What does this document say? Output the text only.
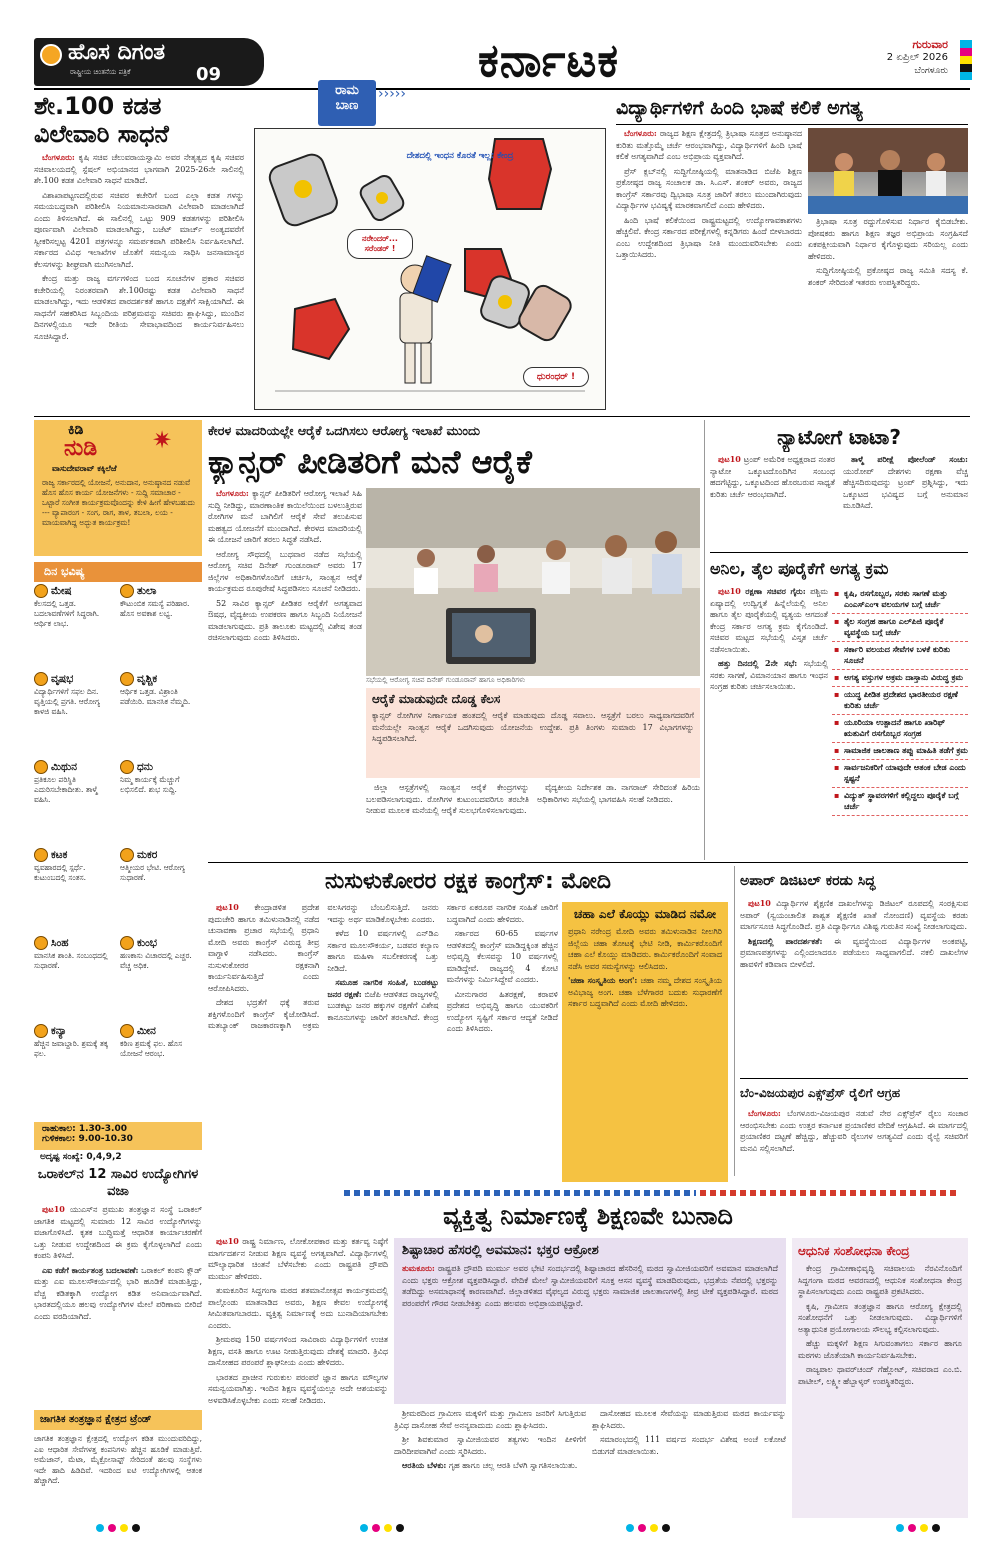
ಹೊಸ ದಿಗಂತ
ರಾಷ್ಟ್ರೀಯ ಚಿಂತನೆಯ ಪತ್ರಿಕೆ	09	ಕರ್ನಾಟಕ	ಗುರುವಾರ
2 ಏಪ್ರಿಲ್ 2026
ಬೆಂಗಳೂರು
ಶೇ.100 ಕಡತ ವಿಲೇವಾರಿ ಸಾಧನೆ

ಬೆಂಗಳೂರು: ಕೃಷಿ ಸಚಿವ ಚೆಲುವರಾಯಸ್ವಾಮಿ ಅವರ ನೇತೃತ್ವದ ಕೃಷಿ ಸಚಿವರ ಸಚಿವಾಲಯದಲ್ಲಿ ಸ್ಪೆಷಲ್ ಅಭಿಯಾನದ ಭಾಗವಾಗಿ 2025-26ನೇ ಸಾಲಿನಲ್ಲಿ ಶೇ.100 ಕಡತ ವಿಲೇವಾರಿ ಸಾಧನೆ ಮಾಡಿದೆ.

ವಿಶಾಖಾಪಟ್ಟಣದಲ್ಲಿರುವ ಸಚಿವರ ಕಚೇರಿಗೆ ಬಂದ ಎಲ್ಲಾ ಕಡತ ಗಳನ್ನು ಸಮಯಬದ್ಧವಾಗಿ ಪರಿಶೀಲಿಸಿ ನಿಯಮಾನುಸಾರವಾಗಿ ವಿಲೇವಾರಿ ಮಾಡಲಾಗಿದೆ ಎಂದು ತಿಳಿಸಲಾಗಿದೆ. ಈ ಸಾಲಿನಲ್ಲಿ ಒಟ್ಟು 909 ಕಡತಗಳನ್ನು ಪರಿಶೀಲಿಸಿ ಪೂರ್ಣವಾಗಿ ವಿಲೇವಾರಿ ಮಾಡಲಾಗಿದ್ದು, ಬಜೆಟ್ ಮಾರ್ಚ್ ಅಂತ್ಯದವರೆಗೆ ಸ್ವೀಕರಿಸಲ್ಪಟ್ಟ 4201 ಪತ್ರಗಳನ್ನೂ ಸಮರ್ಪಕವಾಗಿ ಪರಿಶೀಲಿಸಿ ನಿರ್ವಹಿಸಲಾಗಿದೆ. ಸರ್ಕಾರದ ವಿವಿಧ ಇಲಾಖೆಗಳ ಜೊತೆಗೆ ಸಮನ್ವಯ ಸಾಧಿಸಿ ಜನಸಾಮಾನ್ಯರ ಕೆಲಸಗಳನ್ನು ಶೀಘ್ರವಾಗಿ ಮುಗಿಸಲಾಗಿದೆ.

ಕೇಂದ್ರ ಮತ್ತು ರಾಜ್ಯ ವರ್ಗಗಳಿಂದ ಬಂದ ಸೂಚನೆಗಳ ಪ್ರಕಾರ ಸಚಿವರ ಕಚೇರಿಯಲ್ಲಿ ನಿರಂತರವಾಗಿ ಶೇ.100ರಷ್ಟು ಕಡತ ವಿಲೇವಾರಿ ಸಾಧನೆ ಮಾಡಲಾಗಿದ್ದು, ಇದು ಆಡಳಿತದ ಪಾರದರ್ಶಕತೆ ಹಾಗೂ ದಕ್ಷತೆಗೆ ಸಾಕ್ಷಿಯಾಗಿದೆ. ಈ ಸಾಧನೆಗೆ ಸಹಕರಿಸಿದ ಸಿಬ್ಬಂದಿಯ ಪರಿಶ್ರಮವನ್ನು ಸಚಿವರು ಶ್ಲಾಘಿಸಿದ್ದು, ಮುಂದಿನ ದಿನಗಳಲ್ಲಿಯೂ ಇದೇ ರೀತಿಯ ಸೇವಾಭಾವದಿಂದ ಕಾರ್ಯನಿರ್ವಹಿಸಲು ಸೂಚಿಸಿದ್ದಾರೆ.

ರಾಮ
ಬಾಣ
›››››
ದೇಶದಲ್ಲಿ ಇಂಧನ ಕೊರತೆ ಇಲ್ಲ: ಕೇಂದ್ರ
ನರೇಂದರ್... ಸರೆಂಡರ್ !
ಧುರಂಧರ್ !
ವಿದ್ಯಾರ್ಥಿಗಳಿಗೆ ಹಿಂದಿ ಭಾಷೆ ಕಲಿಕೆ ಅಗತ್ಯ

ಬೆಂಗಳೂರು: ರಾಜ್ಯದ ಶಿಕ್ಷಣ ಕ್ಷೇತ್ರದಲ್ಲಿ ತ್ರಿಭಾಷಾ ಸೂತ್ರದ ಅನುಷ್ಠಾನದ ಕುರಿತು ಮತ್ತೊಮ್ಮೆ ಚರ್ಚೆ ಆರಂಭವಾಗಿದ್ದು, ವಿದ್ಯಾರ್ಥಿಗಳಿಗೆ ಹಿಂದಿ ಭಾಷೆ ಕಲಿಕೆ ಅಗತ್ಯವಾಗಿದೆ ಎಂಬ ಅಭಿಪ್ರಾಯ ವ್ಯಕ್ತವಾಗಿದೆ.

ಪ್ರೆಸ್ ಕ್ಲಬ್‌ನಲ್ಲಿ ಸುದ್ದಿಗೋಷ್ಠಿಯಲ್ಲಿ ಮಾತನಾಡಿದ ಬಿಜೆಪಿ ಶಿಕ್ಷಣ ಪ್ರಕೋಷ್ಠದ ರಾಜ್ಯ ಸಂಚಾಲಕ ಡಾ. ಸಿ.ಎಸ್. ಶಂಕರ್ ಅವರು, ರಾಜ್ಯದ ಕಾಂಗ್ರೆಸ್ ಸರ್ಕಾರವು ದ್ವಿಭಾಷಾ ಸೂತ್ರ ಜಾರಿಗೆ ತರಲು ಮುಂದಾಗಿರುವುದು ವಿದ್ಯಾರ್ಥಿಗಳ ಭವಿಷ್ಯಕ್ಕೆ ಮಾರಕವಾಗಲಿದೆ ಎಂದು ಹೇಳಿದರು.

ಹಿಂದಿ ಭಾಷೆ ಕಲಿಕೆಯಿಂದ ರಾಷ್ಟ್ರಮಟ್ಟದಲ್ಲಿ ಉದ್ಯೋಗಾವಕಾಶಗಳು ಹೆಚ್ಚಲಿವೆ. ಕೇಂದ್ರ ಸರ್ಕಾರದ ಪರೀಕ್ಷೆಗಳಲ್ಲಿ ಕನ್ನಡಿಗರು ಹಿಂದೆ ಬೀಳಬಾರದು ಎಂಬ ಉದ್ದೇಶದಿಂದ ತ್ರಿಭಾಷಾ ನೀತಿ ಮುಂದುವರಿಸಬೇಕು ಎಂದು ಒತ್ತಾಯಿಸಿದರು.

ತ್ರಿಭಾಷಾ ಸೂತ್ರ ರದ್ದುಗೊಳಿಸುವ ನಿರ್ಧಾರ ಕೈಬಿಡಬೇಕು. ಪೋಷಕರು ಹಾಗೂ ಶಿಕ್ಷಣ ತಜ್ಞರ ಅಭಿಪ್ರಾಯ ಸಂಗ್ರಹಿಸದೆ ಏಕಪಕ್ಷೀಯವಾಗಿ ನಿರ್ಧಾರ ಕೈಗೊಳ್ಳುವುದು ಸರಿಯಲ್ಲ ಎಂದು ಹೇಳಿದರು.

ಸುದ್ದಿಗೋಷ್ಠಿಯಲ್ಲಿ ಪ್ರಕೋಷ್ಠದ ರಾಜ್ಯ ಸಮಿತಿ ಸದಸ್ಯ ಕೆ. ಶಂಕರ್ ಸೇರಿದಂತೆ ಇತರರು ಉಪಸ್ಥಿತರಿದ್ದರು.

ಕಿಡಿ
ನುಡಿ ✷
ವಾಸುದೇವರಾವ್ ಕಕ್ಕಿಲೆಜೆ
ರಾಜ್ಯ ಸರ್ಕಾರದಲ್ಲಿ ಯೋಜನೆ, ಅನುದಾನ, ಅನುಷ್ಠಾನದ ನಡುವೆ ಹೊಸ ಹೊಸ ಕಾರ್ಯ ಯೋಜನೆಗಳು - ಸುದ್ದಿ ಸಮಾಚಾರ - ಒಟ್ಟಾರೆ ಸಂಗೀತ ಕಾರ್ಯಕ್ರಮವೊಂದನ್ನು ಕೇಳಿ ಹೀಗೆ ಹೇಳಬಹುದು --- ವ್ಯಾಪಾರಂಗ - ಸಂಗ, ರಾಗ, ತಾಳ, ತಬಲಾ, ಲಯ - ಮಾಯವಾಗಿದ್ದ ಅದ್ಭುತ ಕಾರ್ಯಕ್ರಮ!
ದಿನ ಭವಿಷ್ಯ
ಮೇಷ
ಕೆಲಸದಲ್ಲಿ ಒತ್ತಡ. ಬದಲಾವಣೆಗಳಿಗೆ ಸಿದ್ಧರಾಗಿ. ಆರ್ಥಿಕ ಲಾಭ.
ತುಲಾ
ಕೌಟುಂಬಿಕ ಸಮಸ್ಯೆ ಪರಿಹಾರ. ಹೊಸ ಅವಕಾಶ ಲಭ್ಯ.
ವೃಷಭ
ವಿದ್ಯಾರ್ಥಿಗಳಿಗೆ ಸಫಲ ದಿನ. ವೃತ್ತಿಯಲ್ಲಿ ಪ್ರಗತಿ. ಆರೋಗ್ಯ ಕಾಳಜಿ ವಹಿಸಿ.
ವೃಶ್ಚಿಕ
ಆರ್ಥಿಕ ಒತ್ತಡ. ವಿಶ್ರಾಂತಿ ಪಡೆಯಿರಿ. ಮಾನಸಿಕ ನೆಮ್ಮದಿ.
ಮಿಥುನ
ಪ್ರತಿಕೂಲ ಪರಿಸ್ಥಿತಿ ಎದುರಿಸಬೇಕಾದೀತು. ತಾಳ್ಮೆ ವಹಿಸಿ.
ಧನು
ನಿಮ್ಮ ಕಾರ್ಯಕ್ಕೆ ಮೆಚ್ಚುಗೆ ಲಭಿಸಲಿದೆ. ಶುಭ ಸುದ್ದಿ.
ಕಟಕ
ವ್ಯವಹಾರದಲ್ಲಿ ಸ್ಪರ್ಧೆ. ಕುಟುಂಬದಲ್ಲಿ ಸಂತಸ.
ಮಕರ
ಆತ್ಮೀಯರ ಭೇಟಿ. ಆರೋಗ್ಯ ಸುಧಾರಣೆ.
ಸಿಂಹ
ಮಾನಸಿಕ ಶಾಂತಿ. ಸಂಬಂಧದಲ್ಲಿ ಸುಧಾರಣೆ.
ಕುಂಭ
ಹಣಕಾಸು ವಿಚಾರದಲ್ಲಿ ಎಚ್ಚರ. ವೆಚ್ಚ ಅಧಿಕ.
ಕನ್ಯಾ
ಹೆಚ್ಚಿನ ಜವಾಬ್ದಾರಿ. ಶ್ರಮಕ್ಕೆ ತಕ್ಕ ಫಲ.
ಮೀನ
ಕಠಿಣ ಶ್ರಮಕ್ಕೆ ಫಲ. ಹೊಸ ಯೋಜನೆ ಆರಂಭ.
ರಾಹುಕಾಲ: 1.30-3.00
ಗುಳಿಕಕಾಲ: 9.00-10.30
ಅದೃಷ್ಟ ಸಂಖ್ಯೆ: 0,4,9,2
ಕೇರಳ ಮಾದರಿಯಲ್ಲೇ ಆರೈಕೆ ಒದಗಿಸಲು ಆರೋಗ್ಯ ಇಲಾಖೆ ಮುಂದು
ಕ್ಯಾನ್ಸರ್ ಪೀಡಿತರಿಗೆ ಮನೆ ಆರೈಕೆ

ಬೆಂಗಳೂರು: ಕ್ಯಾನ್ಸರ್ ಪೀಡಿತರಿಗೆ ಆರೋಗ್ಯ ಇಲಾಖೆ ಸಿಹಿ ಸುದ್ದಿ ನೀಡಿದ್ದು, ಮಾರಣಾಂತಿಕ ಕಾಯಿಲೆಯಿಂದ ಬಳಲುತ್ತಿರುವ ರೋಗಿಗಳ ಮನೆ ಬಾಗಿಲಿಗೆ ಆರೈಕೆ ಸೇವೆ ತಲುಪಿಸುವ ಮಹತ್ವದ ಯೋಜನೆಗೆ ಮುಂದಾಗಿದೆ. ಕೇರಳದ ಮಾದರಿಯಲ್ಲಿ ಈ ಯೋಜನೆ ಜಾರಿಗೆ ತರಲು ಸಿದ್ಧತೆ ನಡೆಸಿದೆ.

ಆರೋಗ್ಯ ಸೌಧದಲ್ಲಿ ಬುಧವಾರ ನಡೆದ ಸಭೆಯಲ್ಲಿ ಆರೋಗ್ಯ ಸಚಿವ ದಿನೇಶ್ ಗುಂಡೂರಾವ್ ಅವರು 17 ಜಿಲ್ಲೆಗಳ ಅಧಿಕಾರಿಗಳೊಂದಿಗೆ ಚರ್ಚಿಸಿ, ಸಾಂತ್ವನ ಆರೈಕೆ ಕಾರ್ಯಕ್ರಮದ ರೂಪುರೇಷೆ ಸಿದ್ಧಪಡಿಸಲು ಸೂಚನೆ ನೀಡಿದರು.

52 ಸಾವಿರ ಕ್ಯಾನ್ಸರ್ ಪೀಡಿತರ ಆರೈಕೆಗೆ ಅಗತ್ಯವಾದ ಔಷಧ, ವೈದ್ಯಕೀಯ ಉಪಕರಣ ಹಾಗೂ ಸಿಬ್ಬಂದಿ ನಿಯೋಜನೆ ಮಾಡಲಾಗುವುದು. ಪ್ರತಿ ತಾಲೂಕು ಮಟ್ಟದಲ್ಲಿ ವಿಶೇಷ ತಂಡ ರಚಿಸಲಾಗುವುದು ಎಂದು ತಿಳಿಸಿದರು.

ಸಭೆಯಲ್ಲಿ ಆರೋಗ್ಯ ಸಚಿವ ದಿನೇಶ್ ಗುಂಡೂರಾವ್ ಹಾಗೂ ಅಧಿಕಾರಿಗಳು
ಆರೈಕೆ ಮಾಡುವುದೇ ದೊಡ್ಡ ಕೆಲಸ
ಕ್ಯಾನ್ಸರ್ ರೋಗಿಗಳ ನಿರ್ಣಾಯಕ ಹಂತದಲ್ಲಿ ಆರೈಕೆ ಮಾಡುವುದು ದೊಡ್ಡ ಸವಾಲು. ಆಸ್ಪತ್ರೆಗೆ ಬರಲು ಸಾಧ್ಯವಾಗದವರಿಗೆ ಮನೆಯಲ್ಲೇ ಸಾಂತ್ವನ ಆರೈಕೆ ಒದಗಿಸುವುದು ಯೋಜನೆಯ ಉದ್ದೇಶ. ಪ್ರತಿ ತಿಂಗಳು ಸುಮಾರು 17 ವಿಭಾಗಗಳನ್ನು ಸಿದ್ಧಪಡಿಸಲಾಗಿದೆ.

ಜಿಲ್ಲಾ ಆಸ್ಪತ್ರೆಗಳಲ್ಲಿ ಸಾಂತ್ವನ ಆರೈಕೆ ಕೇಂದ್ರಗಳನ್ನು ಬಲಪಡಿಸಲಾಗುವುದು. ರೋಗಿಗಳ ಕುಟುಂಬದವರಿಗೂ ತರಬೇತಿ ನೀಡುವ ಮೂಲಕ ಮನೆಯಲ್ಲಿ ಆರೈಕೆ ಸುಲಭಗೊಳಿಸಲಾಗುವುದು.

ವೈದ್ಯಕೀಯ ನಿರ್ದೇಶಕ ಡಾ. ನಾಗರಾಜ್ ಸೇರಿದಂತೆ ಹಿರಿಯ ಅಧಿಕಾರಿಗಳು ಸಭೆಯಲ್ಲಿ ಭಾಗವಹಿಸಿ ಸಲಹೆ ನೀಡಿದರು.

ನ್ಯಾಟೋಗೆ ಟಾಟಾ?

ಪುಟ10 ಟ್ರಂಪ್ ಅಮೆರಿಕ ಅಧ್ಯಕ್ಷರಾದ ನಂತರ ನ್ಯಾಟೋ ಒಕ್ಕೂಟದೊಂದಿಗಿನ ಸಂಬಂಧ ಹದಗೆಟ್ಟಿದ್ದು, ಒಕ್ಕೂಟದಿಂದ ಹೊರಬರುವ ಸಾಧ್ಯತೆ ಕುರಿತು ಚರ್ಚೆ ಆರಂಭವಾಗಿದೆ.

ತಾಳ್ಮೆ ಪರೀಕ್ಷೆ ಪೋಲೆಂಡ್ ಸಂಚು: ಯುರೋಪ್ ದೇಶಗಳು ರಕ್ಷಣಾ ವೆಚ್ಚ ಹೆಚ್ಚಿಸದಿರುವುದನ್ನು ಟ್ರಂಪ್ ಪ್ರಶ್ನಿಸಿದ್ದು, ಇದು ಒಕ್ಕೂಟದ ಭವಿಷ್ಯದ ಬಗ್ಗೆ ಅನುಮಾನ ಮೂಡಿಸಿದೆ.

ಅನಿಲ, ತೈಲ ಪೂರೈಕೆಗೆ ಅಗತ್ಯ ಕ್ರಮ

ಪುಟ10 ರಕ್ಷಣಾ ಸಚಿವರ ಗೈರು: ಪಶ್ಚಿಮ ಏಷ್ಯಾದಲ್ಲಿ ಉದ್ವಿಗ್ನತೆ ಹಿನ್ನೆಲೆಯಲ್ಲಿ ಅನಿಲ ಹಾಗೂ ತೈಲ ಪೂರೈಕೆಯಲ್ಲಿ ವ್ಯತ್ಯಯ ಆಗದಂತೆ ಕೇಂದ್ರ ಸರ್ಕಾರ ಅಗತ್ಯ ಕ್ರಮ ಕೈಗೊಂಡಿದೆ. ಸಚಿವರ ಮಟ್ಟದ ಸಭೆಯಲ್ಲಿ ವಿಸ್ತೃತ ಚರ್ಚೆ ನಡೆಸಲಾಯಿತು.

ಹತ್ತು ದಿನದಲ್ಲಿ 2ನೇ ಸಭೆ: ಸಭೆಯಲ್ಲಿ ಸರಕು ಸಾಗಣೆ, ವಿಮಾನಯಾನ ಹಾಗೂ ಇಂಧನ ಸಂಗ್ರಹ ಕುರಿತು ಚರ್ಚಿಸಲಾಯಿತು.

▪ ಕೃಷಿ, ರಸಗೊಬ್ಬರ, ಸರಕು ಸಾಗಣೆ ಮತ್ತು ಎಂಎಸ್‌ಎಂಇ ವಲಯಗಳ ಬಗ್ಗೆ ಚರ್ಚೆ
▪ ತೈಲ ಸಂಗ್ರಹ ಹಾಗೂ ಎಲ್‌ಪಿಜಿ ಪೂರೈಕೆ ವ್ಯವಸ್ಥೆಯ ಬಗ್ಗೆ ಚರ್ಚೆ
▪ ಸರ್ಕಾರಿ ವಲಯದ ಸೇವೆಗಳ ಬಳಕೆ ಕುರಿತು ಸೂಚನೆ
▪ ಅಗತ್ಯ ವಸ್ತುಗಳ ಅಕ್ರಮ ದಾಸ್ತಾನು ವಿರುದ್ಧ ಕ್ರಮ
▪ ಯುದ್ಧ ಪೀಡಿತ ಪ್ರದೇಶದ ಭಾರತೀಯರ ರಕ್ಷಣೆ ಕುರಿತು ಚರ್ಚೆ
▪ ಯೂರಿಯಾ ಉತ್ಪಾದನೆ ಹಾಗೂ ಖಾರಿಫ್ ಋತುವಿಗೆ ರಸಗೊಬ್ಬರ ಸಂಗ್ರಹ
▪ ಸಾಮಾಜಿಕ ಜಾಲತಾಣ ತಪ್ಪು ಮಾಹಿತಿ ತಡೆಗೆ ಕ್ರಮ
▪ ಸಾರ್ವಜನಿಕರಿಗೆ ಯಾವುದೇ ಆತಂಕ ಬೇಡ ಎಂದು ಸ್ಪಷ್ಟನೆ
▪ ವಿದ್ಯುತ್ ಸ್ಥಾವರಗಳಿಗೆ ಕಲ್ಲಿದ್ದಲು ಪೂರೈಕೆ ಬಗ್ಗೆ ಚರ್ಚೆ
ಒರಾಕಲ್‌ನ 12 ಸಾವಿರ ಉದ್ಯೋಗಿಗಳ ವಜಾ

ಪುಟ10 ಯುಎಸ್‌ನ ಪ್ರಮುಖ ತಂತ್ರಜ್ಞಾನ ಸಂಸ್ಥೆ ಒರಾಕಲ್ ಜಾಗತಿಕ ಮಟ್ಟದಲ್ಲಿ ಸುಮಾರು 12 ಸಾವಿರ ಉದ್ಯೋಗಿಗಳನ್ನು ವಜಾಗೊಳಿಸಿದೆ. ಕೃತಕ ಬುದ್ಧಿಮತ್ತೆ ಆಧಾರಿತ ಕಾರ್ಯಾಚರಣೆಗೆ ಒತ್ತು ನೀಡುವ ಉದ್ದೇಶದಿಂದ ಈ ಕ್ರಮ ಕೈಗೊಳ್ಳಲಾಗಿದೆ ಎಂದು ಕಂಪನಿ ತಿಳಿಸಿದೆ.

ಎಐ ಕಡೆಗೆ ಕಾರ್ಯತಂತ್ರ ಬದಲಾವಣೆ: ಒರಾಕಲ್ ಕಂಪನಿ ಕ್ಲೌಡ್ ಮತ್ತು ಎಐ ಮೂಲಸೌಕರ್ಯದಲ್ಲಿ ಭಾರಿ ಹೂಡಿಕೆ ಮಾಡುತ್ತಿದ್ದು, ವೆಚ್ಚ ಕಡಿತಕ್ಕಾಗಿ ಉದ್ಯೋಗ ಕಡಿತ ಅನಿವಾರ್ಯವಾಗಿದೆ. ಭಾರತದಲ್ಲಿಯೂ ಹಲವು ಉದ್ಯೋಗಿಗಳ ಮೇಲೆ ಪರಿಣಾಮ ಬೀರಿದೆ ಎಂದು ವರದಿಯಾಗಿದೆ.

ಜಾಗತಿಕ ತಂತ್ರಜ್ಞಾನ ಕ್ಷೇತ್ರದ ಟ್ರೆಂಡ್
ಜಾಗತಿಕ ತಂತ್ರಜ್ಞಾನ ಕ್ಷೇತ್ರದಲ್ಲಿ ಉದ್ಯೋಗ ಕಡಿತ ಮುಂದುವರಿದಿದ್ದು, ಎಐ ಆಧಾರಿತ ಸೇವೆಗಳತ್ತ ಕಂಪನಿಗಳು ಹೆಚ್ಚಿನ ಹೂಡಿಕೆ ಮಾಡುತ್ತಿವೆ. ಅಮೆಜಾನ್, ಮೆಟಾ, ಮೈಕ್ರೋಸಾಫ್ಟ್ ಸೇರಿದಂತೆ ಹಲವು ಸಂಸ್ಥೆಗಳು ಇದೇ ಹಾದಿ ಹಿಡಿದಿವೆ. ಇದರಿಂದ ಐಟಿ ಉದ್ಯೋಗಿಗಳಲ್ಲಿ ಆತಂಕ ಹೆಚ್ಚಾಗಿದೆ.
ನುಸುಳುಕೋರರ ರಕ್ಷಕ ಕಾಂಗ್ರೆಸ್: ಮೋದಿ

ಪುಟ10 ಕೇಂದ್ರಾಡಳಿತ ಪ್ರದೇಶ ಪುದುಚೇರಿ ಹಾಗೂ ತಮಿಳುನಾಡಿನಲ್ಲಿ ನಡೆದ ಚುನಾವಣಾ ಪ್ರಚಾರ ಸಭೆಯಲ್ಲಿ ಪ್ರಧಾನಿ ಮೋದಿ ಅವರು ಕಾಂಗ್ರೆಸ್ ವಿರುದ್ಧ ತೀವ್ರ ವಾಗ್ದಾಳಿ ನಡೆಸಿದರು. ಕಾಂಗ್ರೆಸ್ ನುಸುಳುಕೋರರ ರಕ್ಷಕನಾಗಿ ಕಾರ್ಯನಿರ್ವಹಿಸುತ್ತಿದೆ ಎಂದು ಆರೋಪಿಸಿದರು.

ದೇಶದ ಭದ್ರತೆಗೆ ಧಕ್ಕೆ ತರುವ ಶಕ್ತಿಗಳೊಂದಿಗೆ ಕಾಂಗ್ರೆಸ್ ಕೈಜೋಡಿಸಿದೆ. ಮತಬ್ಯಾಂಕ್ ರಾಜಕಾರಣಕ್ಕಾಗಿ ಅಕ್ರಮ ವಲಸಿಗರನ್ನು ಬೆಂಬಲಿಸುತ್ತಿದೆ. ಜನರು ಇದನ್ನು ಅರ್ಥ ಮಾಡಿಕೊಳ್ಳಬೇಕು ಎಂದರು.

ಕಳೆದ 10 ವರ್ಷಗಳಲ್ಲಿ ಎನ್‌ಡಿಎ ಸರ್ಕಾರ ಮೂಲಸೌಕರ್ಯ, ಬಡವರ ಕಲ್ಯಾಣ ಹಾಗೂ ಮಹಿಳಾ ಸಬಲೀಕರಣಕ್ಕೆ ಒತ್ತು ನೀಡಿದೆ.

ಸಮೂಹ ನಾಗರಿಕ ಸಂಹಿತೆ, ಬುಡಕಟ್ಟು ಜನರ ರಕ್ಷಣೆ: ಬಿಜೆಪಿ ಆಡಳಿತದ ರಾಜ್ಯಗಳಲ್ಲಿ ಬುಡಕಟ್ಟು ಜನರ ಹಕ್ಕುಗಳ ರಕ್ಷಣೆಗೆ ವಿಶೇಷ ಕಾನೂನುಗಳನ್ನು ಜಾರಿಗೆ ತರಲಾಗಿದೆ. ಕೇಂದ್ರ ಸರ್ಕಾರ ಏಕರೂಪ ನಾಗರಿಕ ಸಂಹಿತೆ ಜಾರಿಗೆ ಬದ್ಧವಾಗಿದೆ ಎಂದು ಹೇಳಿದರು.

ಸರ್ಕಾರದ 60-65 ವರ್ಷಗಳ ಆಡಳಿತದಲ್ಲಿ ಕಾಂಗ್ರೆಸ್ ಮಾಡಿದ್ದಕ್ಕಿಂತ ಹೆಚ್ಚಿನ ಅಭಿವೃದ್ಧಿ ಕೆಲಸವನ್ನು 10 ವರ್ಷಗಳಲ್ಲಿ ಮಾಡಿದ್ದೇವೆ. ರಾಜ್ಯದಲ್ಲಿ 4 ಕೋಟಿ ಮನೆಗಳನ್ನು ನಿರ್ಮಿಸಿದ್ದೇವೆ ಎಂದರು.

ಮೀನುಗಾರರ ಹಿತರಕ್ಷಣೆ, ಕರಾವಳಿ ಪ್ರದೇಶದ ಅಭಿವೃದ್ಧಿ ಹಾಗೂ ಯುವಕರಿಗೆ ಉದ್ಯೋಗ ಸೃಷ್ಟಿಗೆ ಸರ್ಕಾರ ಆದ್ಯತೆ ನೀಡಿದೆ ಎಂದು ತಿಳಿಸಿದರು.

ಚಹಾ ಎಲೆ ಕೊಯ್ಲು ಮಾಡಿದ ನಮೋ
ಪ್ರಧಾನಿ ನರೇಂದ್ರ ಮೋದಿ ಅವರು ತಮಿಳುನಾಡಿನ ನೀಲಗಿರಿ ಜಿಲ್ಲೆಯ ಚಹಾ ತೋಟಕ್ಕೆ ಭೇಟಿ ನೀಡಿ, ಕಾರ್ಮಿಕರೊಂದಿಗೆ ಚಹಾ ಎಲೆ ಕೊಯ್ಲು ಮಾಡಿದರು. ಕಾರ್ಮಿಕರೊಂದಿಗೆ ಸಂವಾದ ನಡೆಸಿ ಅವರ ಸಮಸ್ಯೆಗಳನ್ನು ಆಲಿಸಿದರು.
'ಚಹಾ ಸಂಸ್ಕೃತಿಯ ಅಂಗ': ಚಹಾ ನಮ್ಮ ದೇಶದ ಸಂಸ್ಕೃತಿಯ ಅವಿಭಾಜ್ಯ ಅಂಗ. ಚಹಾ ಬೆಳೆಗಾರರ ಬದುಕು ಸುಧಾರಣೆಗೆ ಸರ್ಕಾರ ಬದ್ಧವಾಗಿದೆ ಎಂದು ಮೋದಿ ಹೇಳಿದರು.
ಅಪಾರ್ ಡಿಜಿಟಲ್ ಕರಡು ಸಿದ್ಧ

ಪುಟ10 ವಿದ್ಯಾರ್ಥಿಗಳ ಶೈಕ್ಷಣಿಕ ದಾಖಲೆಗಳನ್ನು ಡಿಜಿಟಲ್ ರೂಪದಲ್ಲಿ ಸಂರಕ್ಷಿಸುವ ಅಪಾರ್ (ಸ್ವಯಂಚಾಲಿತ ಶಾಶ್ವತ ಶೈಕ್ಷಣಿಕ ಖಾತೆ ನೋಂದಣಿ) ವ್ಯವಸ್ಥೆಯ ಕರಡು ಮಾರ್ಗಸೂಚಿ ಸಿದ್ಧಗೊಂಡಿದೆ. ಪ್ರತಿ ವಿದ್ಯಾರ್ಥಿಗೂ ವಿಶಿಷ್ಟ ಗುರುತಿನ ಸಂಖ್ಯೆ ನೀಡಲಾಗುವುದು.

ಶಿಕ್ಷಣದಲ್ಲಿ ಪಾರದರ್ಶಕತೆ: ಈ ವ್ಯವಸ್ಥೆಯಿಂದ ವಿದ್ಯಾರ್ಥಿಗಳ ಅಂಕಪಟ್ಟಿ, ಪ್ರಮಾಣಪತ್ರಗಳನ್ನು ಎಲ್ಲಿಂದಲಾದರೂ ಪಡೆಯಲು ಸಾಧ್ಯವಾಗಲಿದೆ. ನಕಲಿ ದಾಖಲೆಗಳ ಹಾವಳಿಗೆ ಕಡಿವಾಣ ಬೀಳಲಿದೆ.

ಬೆಂ-ವಿಜಯಪುರ ಎಕ್ಸ್‌ಪ್ರೆಸ್ ರೈಲಿಗೆ ಆಗ್ರಹ

ಬೆಂಗಳೂರು: ಬೆಂಗಳೂರು-ವಿಜಯಪುರ ನಡುವೆ ನೇರ ಎಕ್ಸ್‌ಪ್ರೆಸ್ ರೈಲು ಸಂಚಾರ ಆರಂಭಿಸಬೇಕು ಎಂದು ಉತ್ತರ ಕರ್ನಾಟಕ ಪ್ರಯಾಣಿಕರ ವೇದಿಕೆ ಆಗ್ರಹಿಸಿದೆ. ಈ ಮಾರ್ಗದಲ್ಲಿ ಪ್ರಯಾಣಿಕರ ದಟ್ಟಣೆ ಹೆಚ್ಚಿದ್ದು, ಹೆಚ್ಚುವರಿ ರೈಲುಗಳ ಅಗತ್ಯವಿದೆ ಎಂದು ರೈಲ್ವೆ ಸಚಿವರಿಗೆ ಮನವಿ ಸಲ್ಲಿಸಲಾಗಿದೆ.

ವ್ಯಕ್ತಿತ್ವ ನಿರ್ಮಾಣಕ್ಕೆ ಶಿಕ್ಷಣವೇ ಬುನಾದಿ

ಪುಟ10 ರಾಷ್ಟ್ರ ನಿರ್ಮಾಣ, ಲೋಕೋಪಕಾರ ಮತ್ತು ಕರ್ತವ್ಯ ನಿಷ್ಠೆಗೆ ಮಾರ್ಗದರ್ಶನ ನೀಡುವ ಶಿಕ್ಷಣ ವ್ಯವಸ್ಥೆ ಅಗತ್ಯವಾಗಿದೆ. ವಿದ್ಯಾರ್ಥಿಗಳಲ್ಲಿ ಮೌಲ್ಯಾಧಾರಿತ ಚಿಂತನೆ ಬೆಳೆಸಬೇಕು ಎಂದು ರಾಷ್ಟ್ರಪತಿ ದ್ರೌಪದಿ ಮುರ್ಮು ಹೇಳಿದರು.

ತುಮಕೂರಿನ ಸಿದ್ದಗಂಗಾ ಮಠದ ಶತಮಾನೋತ್ಸವ ಕಾರ್ಯಕ್ರಮದಲ್ಲಿ ಪಾಲ್ಗೊಂಡು ಮಾತನಾಡಿದ ಅವರು, ಶಿಕ್ಷಣ ಕೇವಲ ಉದ್ಯೋಗಕ್ಕೆ ಸೀಮಿತವಾಗಬಾರದು. ವ್ಯಕ್ತಿತ್ವ ನಿರ್ಮಾಣಕ್ಕೆ ಅದು ಬುನಾದಿಯಾಗಬೇಕು ಎಂದರು.

ಶ್ರೀಮಠವು 150 ವರ್ಷಗಳಿಂದ ಸಾವಿರಾರು ವಿದ್ಯಾರ್ಥಿಗಳಿಗೆ ಉಚಿತ ಶಿಕ್ಷಣ, ವಸತಿ ಹಾಗೂ ಊಟ ನೀಡುತ್ತಿರುವುದು ದೇಶಕ್ಕೆ ಮಾದರಿ. ತ್ರಿವಿಧ ದಾಸೋಹದ ಪರಂಪರೆ ಶ್ಲಾಘನೀಯ ಎಂದು ಹೇಳಿದರು.

ಭಾರತದ ಪ್ರಾಚೀನ ಗುರುಕುಲ ಪರಂಪರೆ ಜ್ಞಾನ ಹಾಗೂ ಮೌಲ್ಯಗಳ ಸಮನ್ವಯವಾಗಿತ್ತು. ಇಂದಿನ ಶಿಕ್ಷಣ ವ್ಯವಸ್ಥೆಯಲ್ಲೂ ಅದೇ ಆಶಯವನ್ನು ಅಳವಡಿಸಿಕೊಳ್ಳಬೇಕು ಎಂದು ಸಲಹೆ ನೀಡಿದರು.

ಶಿಷ್ಟಾಚಾರ ಹೆಸರಲ್ಲಿ ಅವಮಾನ: ಭಕ್ತರ ಆಕ್ರೋಶ
ತುಮಕೂರು: ರಾಷ್ಟ್ರಪತಿ ದ್ರೌಪದಿ ಮುರ್ಮು ಅವರ ಭೇಟಿ ಸಂದರ್ಭದಲ್ಲಿ ಶಿಷ್ಟಾಚಾರದ ಹೆಸರಿನಲ್ಲಿ ಮಠದ ಸ್ವಾಮೀಜಿಯವರಿಗೆ ಅವಮಾನ ಮಾಡಲಾಗಿದೆ ಎಂದು ಭಕ್ತರು ಆಕ್ರೋಶ ವ್ಯಕ್ತಪಡಿಸಿದ್ದಾರೆ. ವೇದಿಕೆ ಮೇಲೆ ಸ್ವಾಮೀಜಿಯವರಿಗೆ ಸೂಕ್ತ ಆಸನ ವ್ಯವಸ್ಥೆ ಮಾಡದಿರುವುದು, ಭದ್ರತೆಯ ನೆಪದಲ್ಲಿ ಭಕ್ತರನ್ನು ತಡೆದಿದ್ದು ಅಸಮಾಧಾನಕ್ಕೆ ಕಾರಣವಾಗಿದೆ. ಜಿಲ್ಲಾಡಳಿತದ ವೈಫಲ್ಯದ ವಿರುದ್ಧ ಭಕ್ತರು ಸಾಮಾಜಿಕ ಜಾಲತಾಣಗಳಲ್ಲಿ ತೀವ್ರ ಟೀಕೆ ವ್ಯಕ್ತಪಡಿಸಿದ್ದಾರೆ. ಮಠದ ಪರಂಪರೆಗೆ ಗೌರವ ನೀಡಬೇಕಿತ್ತು ಎಂದು ಹಲವರು ಅಭಿಪ್ರಾಯಪಟ್ಟಿದ್ದಾರೆ.

ಶ್ರೀಮಠದಿಂದ ಗ್ರಾಮೀಣ ಮಕ್ಕಳಿಗೆ ಮತ್ತು ಗ್ರಾಮೀಣ ಜನರಿಗೆ ಸಿಗುತ್ತಿರುವ ತ್ರಿವಿಧ ದಾಸೋಹ ಸೇವೆ ಅನನ್ಯವಾದುದು ಎಂದು ಶ್ಲಾಘಿಸಿದರು.

ಶ್ರೀ ಶಿವಕುಮಾರ ಸ್ವಾಮೀಜಿಯವರ ತತ್ವಗಳು ಇಂದಿನ ಪೀಳಿಗೆಗೆ ದಾರಿದೀಪವಾಗಿವೆ ಎಂದು ಸ್ಮರಿಸಿದರು.

ಆರತಿಯ ಬೆಳಕು: ಗೃಹ ಹಾಗೂ ಚಲ್ಲ ಆರತಿ ಬೆಳಗಿ ಸ್ವಾಗತಿಸಲಾಯಿತು.

ದಾಸೋಹದ ಮೂಲಕ ಸೇವೆಯನ್ನು ಮಾಡುತ್ತಿರುವ ಮಠದ ಕಾರ್ಯವನ್ನು ಶ್ಲಾಘಿಸಿದರು.

ಸಮಾರಂಭದಲ್ಲಿ 111 ವರ್ಷದ ಸಂದರ್ಭ ವಿಶೇಷ ಅಂಚೆ ಲಕೋಟೆ ಬಿಡುಗಡೆ ಮಾಡಲಾಯಿತು.

ಆಧುನಿಕ ಸಂಶೋಧನಾ ಕೇಂದ್ರ

ಕೇಂದ್ರ ಗ್ರಾಮೀಣಾಭಿವೃದ್ಧಿ ಸಚಿವಾಲಯ ನೆರವಿನೊಂದಿಗೆ ಸಿದ್ದಗಂಗಾ ಮಠದ ಆವರಣದಲ್ಲಿ ಆಧುನಿಕ ಸಂಶೋಧನಾ ಕೇಂದ್ರ ಸ್ಥಾಪಿಸಲಾಗುವುದು ಎಂದು ರಾಷ್ಟ್ರಪತಿ ಪ್ರಕಟಿಸಿದರು.

ಕೃಷಿ, ಗ್ರಾಮೀಣ ತಂತ್ರಜ್ಞಾನ ಹಾಗೂ ಆರೋಗ್ಯ ಕ್ಷೇತ್ರದಲ್ಲಿ ಸಂಶೋಧನೆಗೆ ಒತ್ತು ನೀಡಲಾಗುವುದು. ವಿದ್ಯಾರ್ಥಿಗಳಿಗೆ ಅತ್ಯಾಧುನಿಕ ಪ್ರಯೋಗಾಲಯ ಸೌಲಭ್ಯ ಕಲ್ಪಿಸಲಾಗುವುದು.

ಹೆಚ್ಚು ಮಕ್ಕಳಿಗೆ ಶಿಕ್ಷಣ ಸಿಗುವಂತಾಗಲು ಸರ್ಕಾರ ಹಾಗೂ ಮಠಗಳು ಜೊತೆಯಾಗಿ ಕಾರ್ಯನಿರ್ವಹಿಸಬೇಕು.

ರಾಜ್ಯಪಾಲ ಥಾವರ್‌ಚಂದ್ ಗೆಹ್ಲೋಟ್, ಸಚಿವರಾದ ಎಂ.ಬಿ. ಪಾಟೀಲ್, ಲಕ್ಷ್ಮೀ ಹೆಬ್ಬಾಳ್ಕರ್ ಉಪಸ್ಥಿತರಿದ್ದರು.
